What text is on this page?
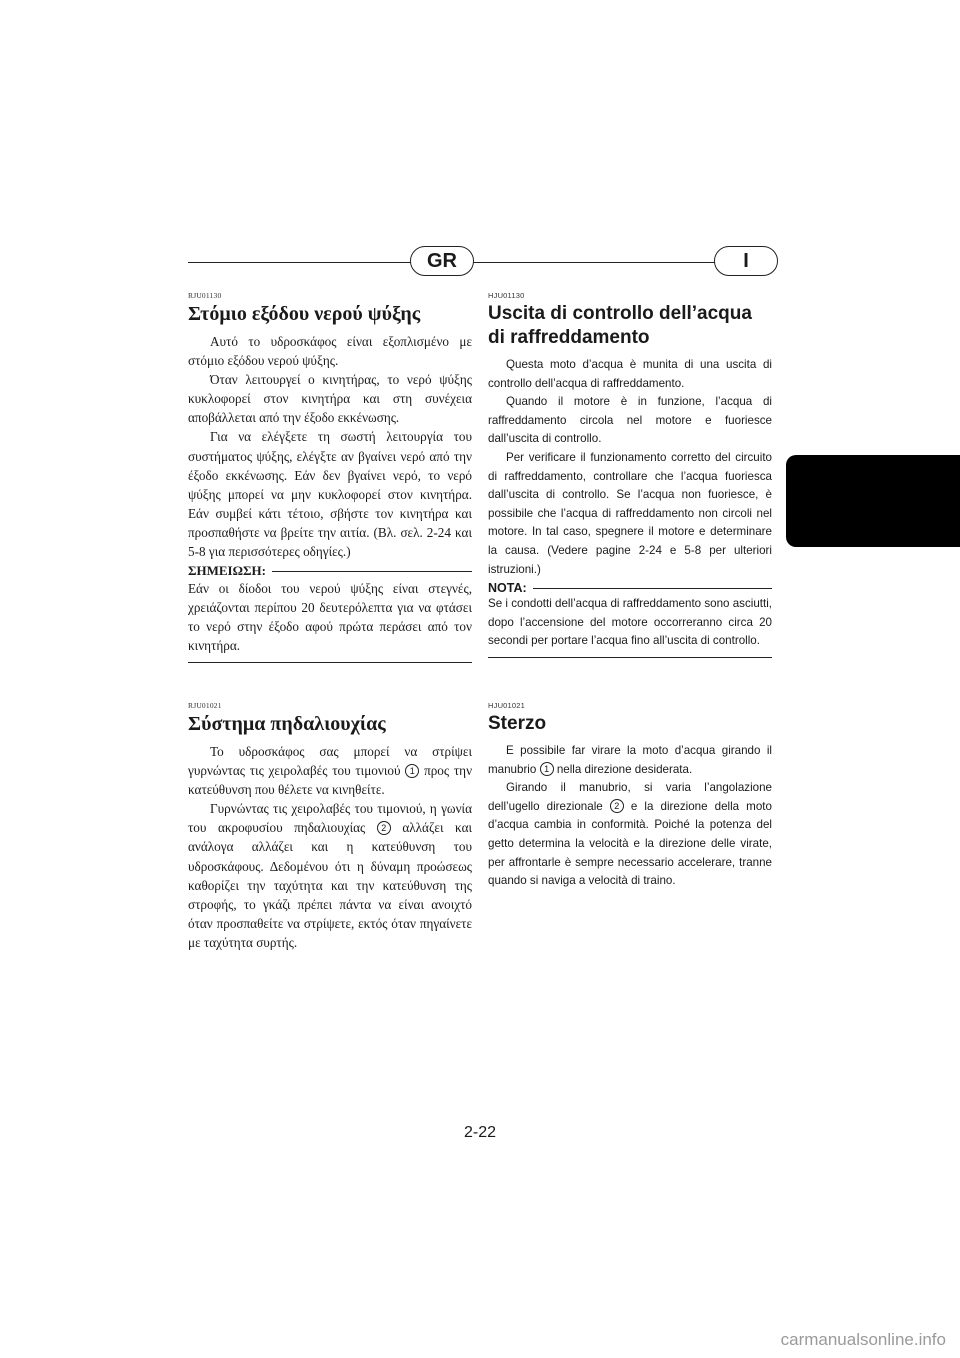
GR	I
RJU01130
Στόμιο εξόδου νερού ψύξης

Αυτό το υδροσκάφος είναι εξοπλισμένο με στόμιο εξόδου νερού ψύξης.

Όταν λειτουργεί ο κινητήρας, το νερό ψύξης κυκλοφορεί στον κινητήρα και στη συνέχεια αποβάλλεται από την έξοδο εκκένωσης.

Για να ελέγξετε τη σωστή λειτουργία του συστήματος ψύξης, ελέγξτε αν βγαίνει νερό από την έξοδο εκκένωσης. Εάν δεν βγαίνει νερό, το νερό ψύξης μπορεί να μην κυκλοφορεί στον κινητήρα. Εάν συμβεί κάτι τέτοιο, σβήστε τον κινητήρα και προσπαθήστε να βρείτε την αιτία. (Βλ. σελ. 2-24 και 5-8 για περισσότερες οδηγίες.)

ΣΗΜΕΙΩΣΗ:

Εάν οι δίοδοι του νερού ψύξης είναι στεγνές, χρειάζονται περίπου 20 δευτερόλεπτα για να φτάσει το νερό στην έξοδο αφού πρώτα περάσει από τον κινητήρα.

HJU01130
Uscita di controllo dell’acqua di raffreddamento

Questa moto d’acqua è munita di una uscita di controllo dell’acqua di raffreddamento.

Quando il motore è in funzione, l’acqua di raffreddamento circola nel motore e fuoriesce dall’uscita di controllo.

Per verificare il funzionamento corretto del circuito di raffreddamento, controllare che l’acqua fuoriesca dall’uscita di controllo. Se l’acqua non fuoriesce, è possibile che l’acqua di raffreddamento non circoli nel motore. In tal caso, spegnere il motore e determinare la causa. (Vedere pagine 2-24 e 5-8 per ulteriori istruzioni.)

NOTA:

Se i condotti dell’acqua di raffreddamento sono asciutti, dopo l’accensione del motore occorreranno circa 20 secondi per portare l’acqua fino all’uscita di controllo.

RJU01021
Σύστημα πηδαλιουχίας

Το υδροσκάφος σας μπορεί να στρίψει γυρνώντας τις χειρολαβές του τιμονιού 1 προς την κατεύθυνση που θέλετε να κινηθείτε.

Γυρνώντας τις χειρολαβές του τιμονιού, η γωνία του ακροφυσίου πηδαλιουχίας 2 αλλάζει και ανάλογα αλλάζει και η κατεύθυνση του υδροσκάφους. Δεδομένου ότι η δύναμη προώσεως καθορίζει την ταχύτητα και την κατεύθυνση της στροφής, το γκάζι πρέπει πάντα να είναι ανοιχτό όταν προσπαθείτε να στρίψετε, εκτός όταν πηγαίνετε με ταχύτητα συρτής.

HJU01021
Sterzo

E possibile far virare la moto d’acqua girando il manubrio 1 nella direzione desiderata.

Girando il manubrio, si varia l’angolazione dell’ugello direzionale 2 e la direzione della moto d’acqua cambia in conformità. Poiché la potenza del getto determina la velocità e la direzione delle virate, per affrontarle è sempre necessario accelerare, tranne quando si naviga a velocità di traino.

2-22
carmanualsonline.info
